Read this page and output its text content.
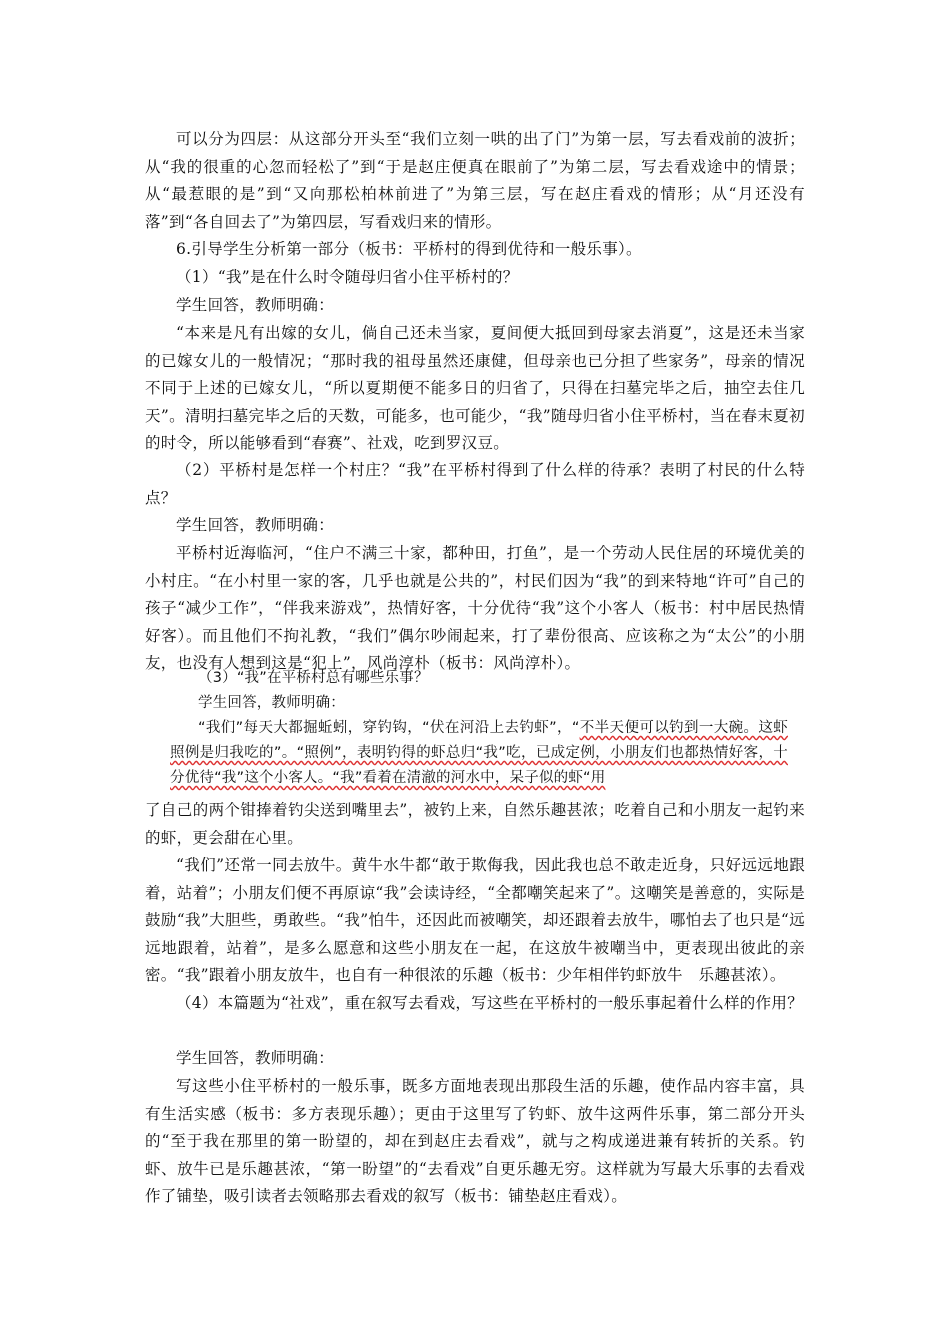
可以分为四层：从这部分开头至“我们立刻一哄的出了门”为第一层，写去看戏前的波折；从“我的很重的心忽而轻松了”到“于是赵庄便真在眼前了”为第二层，写去看戏途中的情景；从“最惹眼的是”到“又向那松柏林前进了”为第三层，写在赵庄看戏的情形；从“月还没有落”到“各自回去了”为第四层，写看戏归来的情形。

6.引导学生分析第一部分（板书：平桥村的得到优待和一般乐事）。

（1）“我”是在什么时令随母归省小住平桥村的？

学生回答，教师明确：

“本来是凡有出嫁的女儿，倘自己还未当家，夏间便大抵回到母家去消夏”，这是还未当家的已嫁女儿的一般情况；“那时我的祖母虽然还康健，但母亲也已分担了些家务”，母亲的情况不同于上述的已嫁女儿，“所以夏期便不能多日的归省了，只得在扫墓完毕之后，抽空去住几天”。清明扫墓完毕之后的天数，可能多，也可能少，“我”随母归省小住平桥村，当在春末夏初的时令，所以能够看到“春赛”、社戏，吃到罗汉豆。

（2）平桥村是怎样一个村庄？“我”在平桥村得到了什么样的待承？表明了村民的什么特点？

学生回答，教师明确：

平桥村近海临河，“住户不满三十家，都种田，打鱼”，是一个劳动人民住居的环境优美的小村庄。“在小村里一家的客，几乎也就是公共的”，村民们因为“我”的到来特地“许可”自己的孩子“减少工作”，“伴我来游戏”，热情好客，十分优待“我”这个小客人（板书：村中居民热情好客）。而且他们不拘礼教，“我们”偶尔吵闹起来，打了辈份很高、应该称之为“太公”的小朋友，也没有人想到这是“犯上”，风尚淳朴（板书：风尚淳朴）。

（3）“我”在平桥村总有哪些乐事？

学生回答，教师明确：

“我们”每天大都掘蚯蚓，穿钓钩，“伏在河沿上去钓虾”，“不半天便可以钓到一大碗。这虾照例是归我吃的”。“照例”，表明钓得的虾总归“我”吃，已成定例，小朋友们也都热情好客，十分优待“我”这个小客人。“我”看着在清澈的河水中，呆子似的虾“用

了自己的两个钳捧着钓尖送到嘴里去”，被钓上来，自然乐趣甚浓；吃着自己和小朋友一起钓来的虾，更会甜在心里。

“我们”还常一同去放牛。黄牛水牛都“敢于欺侮我，因此我也总不敢走近身，只好远远地跟着，站着”；小朋友们便不再原谅“我”会读诗经，“全都嘲笑起来了”。这嘲笑是善意的，实际是鼓励“我”大胆些，勇敢些。“我”怕牛，还因此而被嘲笑，却还跟着去放牛，哪怕去了也只是“远远地跟着，站着”，是多么愿意和这些小朋友在一起，在这放牛被嘲当中，更表现出彼此的亲密。“我”跟着小朋友放牛，也自有一种很浓的乐趣（板书：少年相伴钓虾放牛　乐趣甚浓）。

（4）本篇题为“社戏”，重在叙写去看戏，写这些在平桥村的一般乐事起着什么样的作用？

学生回答，教师明确：

写这些小住平桥村的一般乐事，既多方面地表现出那段生活的乐趣，使作品内容丰富，具有生活实感（板书：多方表现乐趣）；更由于这里写了钓虾、放牛这两件乐事，第二部分开头的“至于我在那里的第一盼望的，却在到赵庄去看戏”，就与之构成递进兼有转折的关系。钓虾、放牛已是乐趣甚浓，“第一盼望”的“去看戏”自更乐趣无穷。这样就为写最大乐事的去看戏作了铺垫，吸引读者去领略那去看戏的叙写（板书：铺垫赵庄看戏）。
